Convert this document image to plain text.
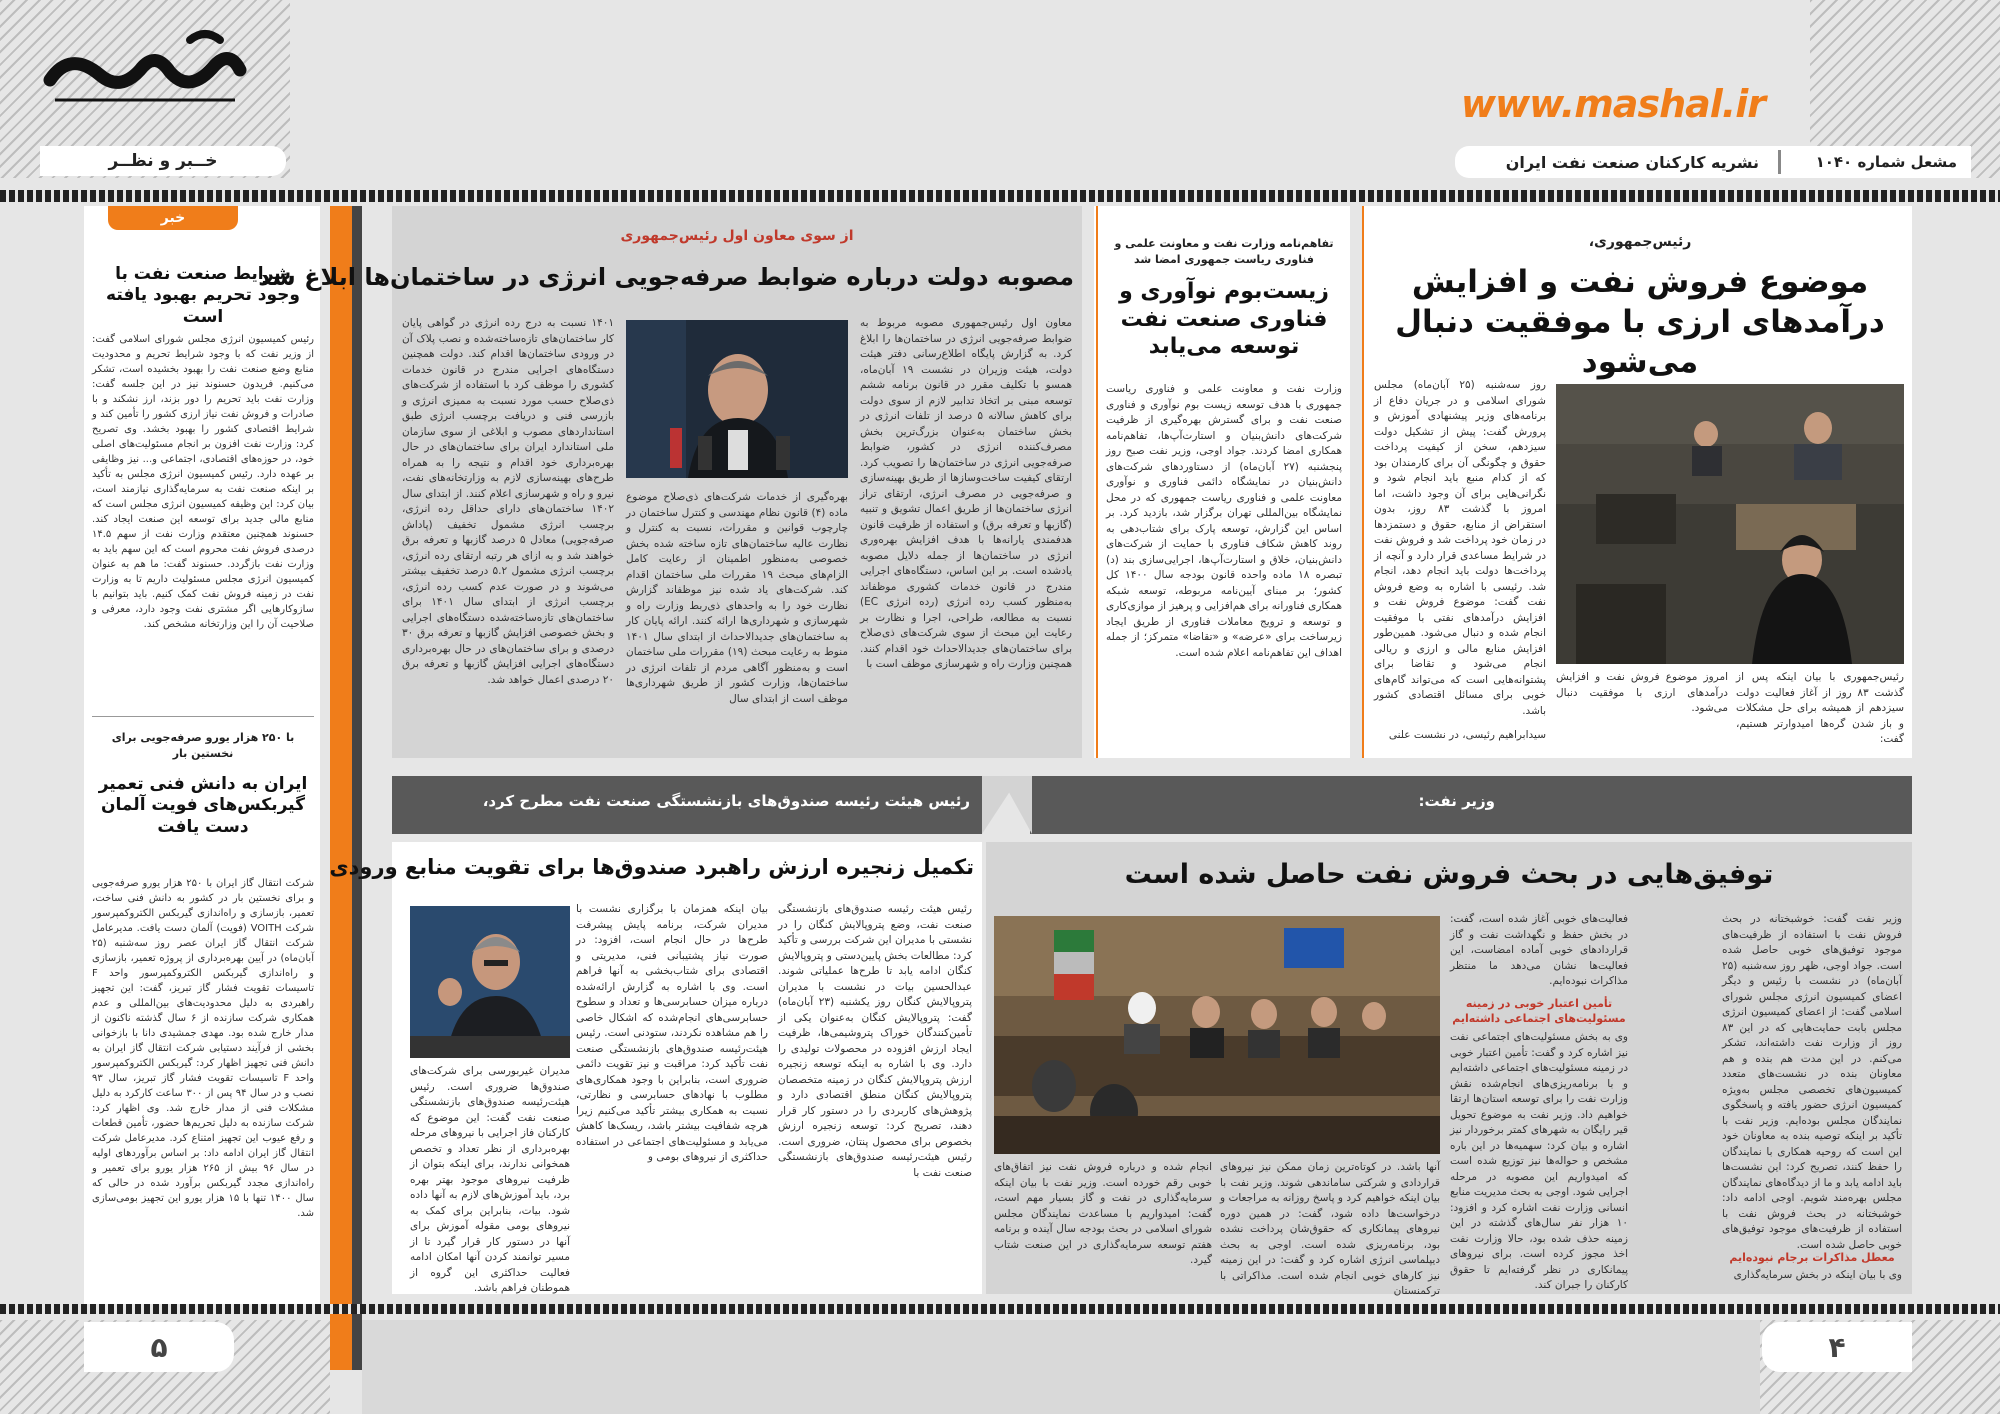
خــبر و نظــر
www.mashal.ir
مشعل شماره ۱۰۴۰
نشریه کارکنان صنعت نفت ایران
خبر
شرایط صنعت نفت با وجود تحریم بهبود یافته است
رئیس کمیسیون انرژی مجلس شورای اسلامی گفت: از وزیر نفت که با وجود شرایط تحریم و محدودیت منابع وضع صنعت نفت را بهبود بخشیده است، تشکر می‌کنیم. فریدون حسنوند نیز در این جلسه گفت: وزارت نفت باید تحریم را دور بزند، ارز نشکند و با صادرات و فروش نفت نیاز ارزی کشور را تأمین کند و شرایط اقتصادی کشور را بهبود بخشد. وی تصریح کرد: وزارت نفت افزون بر انجام مسئولیت‌های اصلی خود، در حوزه‌های اقتصادی، اجتماعی و... نیز وظایفی بر عهده دارد. رئیس کمیسیون انرژی مجلس به تأکید بر اینکه صنعت نفت به سرمایه‌گذاری نیازمند است، بیان کرد: این وظیفه کمیسیون انرژی مجلس است که منابع مالی جدید برای توسعه این صنعت ایجاد کند. حسنوند همچنین معتقدم وزارت نفت از سهم ۱۴.۵ درصدی فروش نفت محروم است که این سهم باید به وزارت نفت بازگردد. حسنوند گفت: ما هم به عنوان کمیسیون انرژی مجلس مسئولیت داریم تا به وزارت نفت در زمینه فروش نفت کمک کنیم. باید بتوانیم با سازوکارهایی اگر مشتری نفت وجود دارد، معرفی و صلاحیت آن را این وزارتخانه مشخص کند.
با ۲۵۰ هزار یورو صرفه‌جویی برای نخستین بار
ایران به دانش فنی تعمیر گیربکس‌های فویت آلمان دست یافت
شرکت انتقال گاز ایران با ۲۵۰ هزار یورو صرفه‌جویی و برای نخستین بار در کشور به دانش فنی ساخت، تعمیر، بازسازی و راه‌اندازی گیربکس الکتروکمپرسور شرکت VOITH (فویت) آلمان دست یافت. مدیرعامل شرکت انتقال گاز ایران عصر روز سه‌شنبه (۲۵ آبان‌ماه) در آیین بهره‌برداری از پروژه تعمیر، بازسازی و راه‌اندازی گیربکس الکتروکمپرسور واحد F تاسیسات تقویت فشار گاز تبریز، گفت: این تجهیز راهبردی به دلیل محدودیت‌های بین‌المللی و عدم همکاری شرکت سازنده از ۶ سال گذشته ناکنون از مدار خارج شده بود. مهدی جمشیدی دانا با بازخوانی بخشی از فرآیند دستیابی شرکت انتقال گاز ایران به دانش فنی تجهیز اظهار کرد: گیربکس الکتروکمپرسور واحد F تاسیسات تقویت فشار گاز تبریز، سال ۹۳ نصب و در سال ۹۴ پس از ۳۰۰ ساعت کارکرد به دلیل مشکلات فنی از مدار خارج شد. وی اظهار کرد: شرکت سازنده به دلیل تحریم‌ها حضور، تأمین قطعات و رفع عیوب این تجهیز امتناع کرد. مدیرعامل شرکت انتقال گاز ایران ادامه داد: بر اساس برآوردهای اولیه در سال ۹۶ بیش از ۲۶۵ هزار یورو برای تعمیر و راه‌اندازی مجدد گیربکس برآورد شده در حالی که سال ۱۴۰۰ تنها با ۱۵ هزار یورو این تجهیز بومی‌سازی شد.
از سوی معاون اول رئیس‌جمهوری
مصوبه دولت درباره ضوابط صرفه‌جویی انرژی در ساختمان‌ها ابلاغ شد
معاون اول رئیس‌جمهوری مصوبه مربوط به ضوابط صرفه‌جویی انرژی در ساختمان‌ها را ابلاغ کرد. به گزارش پایگاه اطلاع‌رسانی دفتر هیئت دولت، هیئت وزیران در نشست ۱۹ آبان‌ماه، همسو با تکلیف مقرر در قانون برنامه ششم توسعه مبنی بر اتخاذ تدابیر لازم از سوی دولت برای کاهش سالانه ۵ درصد از تلفات انرژی در بخش ساختمان به‌عنوان بزرگ‌ترین بخش مصرف‌کننده انرژی در کشور، ضوابط صرفه‌جویی انرژی در ساختمان‌ها را تصویب کرد. ارتقای کیفیت ساخت‌وسازها از طریق بهینه‌سازی و صرفه‌جویی در مصرف انرژی، ارتقای تراز انرژی ساختمان‌ها از طریق اعمال تشویق و تنبیه (گازبها و تعرفه برق) و استفاده از ظرفیت قانون هدفمندی یارانه‌ها با هدف افزایش بهره‌وری انرژی در ساختمان‌ها از جمله دلایل مصوبه یادشده است. بر این اساس، دستگاه‌های اجرایی مندرج در قانون خدمات کشوری موظفاند به‌منظور کسب رده انرژی (رده انرژی EC) نسبت به مطالعه، طراحی، اجرا و نظارت بر رعایت این مبحث از سوی شرکت‌های ذی‌صلاح برای ساختمان‌های جدیدالاحداث خود اقدام کنند. همچنین وزارت راه و شهرسازی موظف است با
بهره‌گیری از خدمات شرکت‌های ذی‌صلاح موضوع ماده (۴) قانون نظام مهندسی و کنترل ساختمان در چارچوب قوانین و مقررات، نسبت به کنترل و نظارت عالیه ساختمان‌های تازه ساخته شده بخش خصوصی به‌منظور اطمینان از رعایت کامل الزام‌های مبحث ۱۹ مقررات ملی ساختمان اقدام کند. شرکت‌های یاد شده نیز موظفاند گزارش نظارت خود را به واحدهای ذی‌ربط وزارت راه و شهرسازی و شهرداری‌ها ارائه کنند. ارائه پایان کار به ساختمان‌های جدیدالاحداث از ابتدای سال ۱۴۰۱ منوط به رعایت مبحث (۱۹) مقررات ملی ساختمان است و به‌منظور آگاهی مردم از تلفات انرژی در ساختمان‌ها، وزارت کشور از طریق شهرداری‌ها موظف است از ابتدای سال
۱۴۰۱ نسبت به درج رده انرژی در گواهی پایان کار ساختمان‌های تازه‌ساخته‌شده و نصب پلاک آن در ورودی ساختمان‌ها اقدام کند. دولت همچنین دستگاه‌های اجرایی مندرج در قانون خدمات کشوری را موظف کرد با استفاده از شرکت‌های ذی‌صلاح حسب مورد نسبت به ممیزی انرژی و بازرسی فنی و دریافت برچسب انرژی طبق استانداردهای مصوب و ابلاغی از سوی سازمان ملی استاندارد ایران برای ساختمان‌های در حال بهره‌برداری خود اقدام و نتیجه را به همراه طرح‌های بهینه‌سازی لازم به وزارتخانه‌های نفت، نیرو و راه و شهرسازی اعلام کنند. از ابتدای سال ۱۴۰۲ ساختمان‌های دارای حداقل رده انرژی، برچسب انرژی مشمول تخفیف (پاداش صرفه‌جویی) معادل ۵ درصد گازبها و تعرفه برق خواهند شد و به ازای هر رتبه ارتقای رده انرژی، برچسب انرژی مشمول ۵.۲ درصد تخفیف بیشتر می‌شوند و در صورت عدم کسب رده انرژی، برچسب انرژی از ابتدای سال ۱۴۰۱ برای ساختمان‌های تازه‌ساخته‌شده دستگاه‌های اجرایی و بخش خصوصی افزایش گازبها و تعرفه برق ۳۰ درصدی و برای ساختمان‌های در حال بهره‌برداری دستگاه‌های اجرایی افزایش گازبها و تعرفه برق ۲۰ درصدی اعمال خواهد شد.
تفاهم‌نامه وزارت نفت و معاونت علمی و فناوری ریاست جمهوری امضا شد
زیست‌بوم نوآوری و فناوری صنعت نفت توسعه می‌یابد
وزارت نفت و معاونت علمی و فناوری ریاست جمهوری با هدف توسعه زیست بوم نوآوری و فناوری صنعت نفت و برای گسترش بهره‌گیری از ظرفیت شرکت‌های دانش‌بنیان و استارت‌آپ‌ها، تفاهم‌نامه همکاری امضا کردند. جواد اوجی، وزیر نفت صبح روز پنجشنبه (۲۷ آبان‌ماه) از دستاوردهای شرکت‌های دانش‌بنیان در نمایشگاه دائمی فناوری و نوآوری معاونت علمی و فناوری ریاست جمهوری که در محل نمایشگاه بین‌المللی تهران برگزار شد، بازدید کرد. بر اساس این گزارش، توسعه پارک برای شتاب‌دهی به روند کاهش شکاف فناوری با حمایت از شرکت‌های دانش‌بنیان، خلاق و استارت‌آپ‌ها، اجرایی‌سازی بند (د) تبصره ۱۸ ماده واحده قانون بودجه سال ۱۴۰۰ کل کشور؛ بر مبنای آیین‌نامه مربوطه، توسعه شبکه همکاری فناورانه برای هم‌افزایی و پرهیز از موازی‌کاری و توسعه و ترویج معاملات فناوری از طریق ایجاد زیرساخت برای «عرضه» و «تقاضا» متمرکز؛ از جمله اهداف این تفاهم‌نامه اعلام شده است.
رئیس‌جمهوری،
موضوع فروش نفت و افزایش درآمدهای ارزی با موفقیت دنبال می‌شود
روز سه‌شنبه (۲۵ آبان‌ماه) مجلس شورای اسلامی و در جریان دفاع از برنامه‌های وزیر پیشنهادی آموزش و پرورش گفت: پیش از تشکیل دولت سیزدهم، سخن از کیفیت پرداخت حقوق و چگونگی آن برای کارمندان بود که از کدام منبع باید انجام شود و نگرانی‌هایی برای آن وجود داشت، اما امروز با گذشت ۸۳ روز، بدون استقراض از منابع، حقوق و دستمزدها در زمان خود پرداخت شد و فروش نفت در شرایط مساعدی قرار دارد و آنچه از پرداخت‌ها دولت باید انجام دهد، انجام شد. رئیسی با اشاره به وضع فروش نفت گفت: موضوع فروش نفت و افزایش درآمدهای نفتی با موفقیت انجام شده و دنبال می‌شود. همین‌طور افزایش منابع مالی و ارزی و ریالی انجام می‌شود و تقاضا برای پشتوانه‌هایی است که می‌تواند گام‌های خوبی برای مسائل اقتصادی کشور باشد.
سیدابراهیم رئیسی، در نشست علنی
رئیس‌جمهوری با بیان اینکه پس از گذشت ۸۳ روز از آغاز فعالیت دولت سیزدهم از همیشه برای حل مشکلات و باز شدن گره‌ها امیدوارتر هستیم، گفت:
امروز موضوع فروش نفت و افزایش درآمدهای ارزی با موفقیت دنبال می‌شود.
رئیس هیئت رئیسه صندوق‌های بازنشستگی صنعت نفت مطرح کرد،	وزیر نفت:
تکمیل زنجیره ارزش راهبرد صندوق‌ها برای تقویت منابع ورودی
رئیس هیئت رئیسه صندوق‌های بازنشستگی صنعت نفت، وضع پتروپالایش کنگان را در نشستی با مدیران این شرکت بررسی و تأکید کرد: مطالعات بخش پایین‌دستی و پتروپالایش کنگان ادامه یابد تا طرح‌ها عملیاتی شوند. عبدالحسین بیات در نشست با مدیران پتروپالایش کنگان روز یکشنبه (۲۳ آبان‌ماه) گفت: پتروپالایش کنگان به‌عنوان یکی از تأمین‌کنندگان خوراک پتروشیمی‌ها، ظرفیت ایجاد ارزش افزوده در محصولات تولیدی را دارد. وی با اشاره به اینکه توسعه زنجیره ارزش پتروپالایش کنگان در زمینه متخصصان پتروپالایش کنگان منطق اقتصادی دارد و پژوهش‌های کاربردی را در دستور کار قرار دهند، تصریح کرد: توسعه زنجیره ارزش بخصوص برای محصول پنتان، ضروری است. رئیس هیئت‌رئیسه صندوق‌های بازنشستگی صنعت نفت با
بیان اینکه همزمان با برگزاری نشست با مدیران شرکت، برنامه پایش پیشرفت طرح‌ها در حال انجام است، افزود: در صورت نیاز پشتیبانی فنی، مدیریتی و اقتصادی برای شتاب‌بخشی به آنها فراهم است. وی با اشاره به گزارش ارائه‌شده درباره میزان حسابرسی‌ها و تعداد و سطوح حسابرسی‌های انجام‌شده که اشکال خاصی را هم مشاهده نکردند، ستودنی است. رئیس هیئت‌رئیسه صندوق‌های بازنشستگی صنعت نفت تأکید کرد: مراقبت و نیز تقویت دائمی ضروری است، بنابراین با وجود همکاری‌های مطلوب با نهادهای حسابرسی و نظارتی، نسبت به همکاری بیشتر تأکید می‌کنیم زیرا هرچه شفافیت بیشتر باشد، ریسک‌ها کاهش می‌یابد و مسئولیت‌های اجتماعی در استفاده حداکثری از نیروهای بومی و
مدیران غیربورسی برای شرکت‌های صندوق‌ها ضروری است. رئیس هیئت‌رئیسه صندوق‌های بازنشستگی صنعت نفت گفت: این موضوع که کارکنان فاز اجرایی با نیروهای مرحله بهره‌برداری از نظر تعداد و تخصص همخوانی ندارند، برای اینکه بتوان از ظرفیت نیروهای موجود بهتر بهره برد، باید آموزش‌های لازم به آنها داده شود. بیات، بنابراین برای کمک به نیروهای بومی مقوله آموزش برای آنها در دستور کار قرار گیرد تا از مسیر توانمند کردن آنها امکان ادامه فعالیت حداکثری این گروه از همو‌طنان فراهم باشد.
توفیق‌هایی در بحث فروش نفت حاصل شده است
وزیر نفت گفت: خوشبختانه در بحث فروش نفت با استفاده از ظرفیت‌های موجود توفیق‌های خوبی حاصل شده است. جواد اوجی، ظهر روز سه‌شنبه (۲۵ آبان‌ماه) در نشست با رئیس و دیگر اعضای کمیسیون انرژی مجلس شورای اسلامی گفت: از اعضای کمیسیون انرژی مجلس بابت حمایت‌هایی که در این ۸۳ روز از وزارت نفت داشته‌اند، تشکر می‌کنم. در این مدت هم بنده و هم معاونان بنده در نشست‌های متعدد کمیسیون‌های تخصصی مجلس به‌ویژه کمیسیون انرژی حضور یافته و پاسخگوی نمایندگان مجلس بوده‌ایم. وزیر نفت با تأکید بر اینکه توصیه بنده به معاونان خود این است که روحیه همکاری با نمایندگان را حفظ کنند، تصریح کرد: این نشست‌ها باید ادامه یابد و ما از دیدگاه‌های نمایندگان مجلس بهره‌مند شویم. اوجی ادامه داد: خوشبختانه در بحث فروش نفت با استفاده از ظرفیت‌های موجود توفیق‌های خوبی حاصل شده است.
معطل مذاکرات برجام نبوده‌ایم
وی با بیان اینکه در بخش سرمایه‌گذاری
فعالیت‌های خوبی آغاز شده است، گفت: در بخش حفظ و نگهداشت نفت و گاز قراردادهای خوبی آماده امضاست، این فعالیت‌ها نشان می‌دهد ما منتظر مذاکرات نبوده‌ایم.
تأمین اعتبار خوبی در زمینه مسئولیت‌های اجتماعی داشته‌ایم
وی به بخش مسئولیت‌های اجتماعی نفت نیز اشاره کرد و گفت: تأمین اعتبار خوبی در زمینه مسئولیت‌های اجتماعی داشته‌ایم و با برنامه‌ریزی‌های انجام‌شده نقش وزارت نفت را برای توسعه استان‌ها ارتقا خواهیم داد. وزیر نفت به موضوع تحویل قیر رایگان به شهرهای کمتر برخوردار نیز اشاره و بیان کرد: سهمیه‌ها در این باره مشخص و حواله‌ها نیز توزیع شده است که امیدواریم این مصوبه در مرحله اجرایی شود. اوجی به بحث مدیریت منابع انسانی وزارت نفت اشاره کرد و افزود: ۱۰ هزار نفر سال‌های گذشته در این زمینه حذف شده بود، حالا وزارت نفت اخذ مجوز کرده است. برای نیروهای پیمانکاری در نظر گرفته‌ایم تا حقوق کارکنان را جبران کند.
آنها باشد. در کوتاه‌ترین زمان ممکن نیز نیروهای قراردادی و شرکتی ساماندهی شوند. وزیر نفت با بیان اینکه خواهیم کرد و پاسخ روزانه به مراجعات و درخواست‌ها داده شود، گفت: در همین دوره نیروهای پیمانکاری که حقوق‌شان پرداخت نشده بود، برنامه‌ریزی شده است. اوجی به بحث دیپلماسی انرژی اشاره کرد و گفت: در این زمینه نیز کارهای خوبی انجام شده است. مذاکراتی با ترکمنستان
انجام شده و درباره فروش نفت نیز اتفاق‌های خوبی رقم خورده است. وزیر نفت با بیان اینکه سرمایه‌گذاری در نفت و گاز بسیار مهم است، گفت: امیدواریم با مساعدت نمایندگان مجلس شورای اسلامی در بحث بودجه سال آینده و برنامه هفتم توسعه سرمایه‌گذاری در این صنعت شتاب گیرد.
۵	۴
